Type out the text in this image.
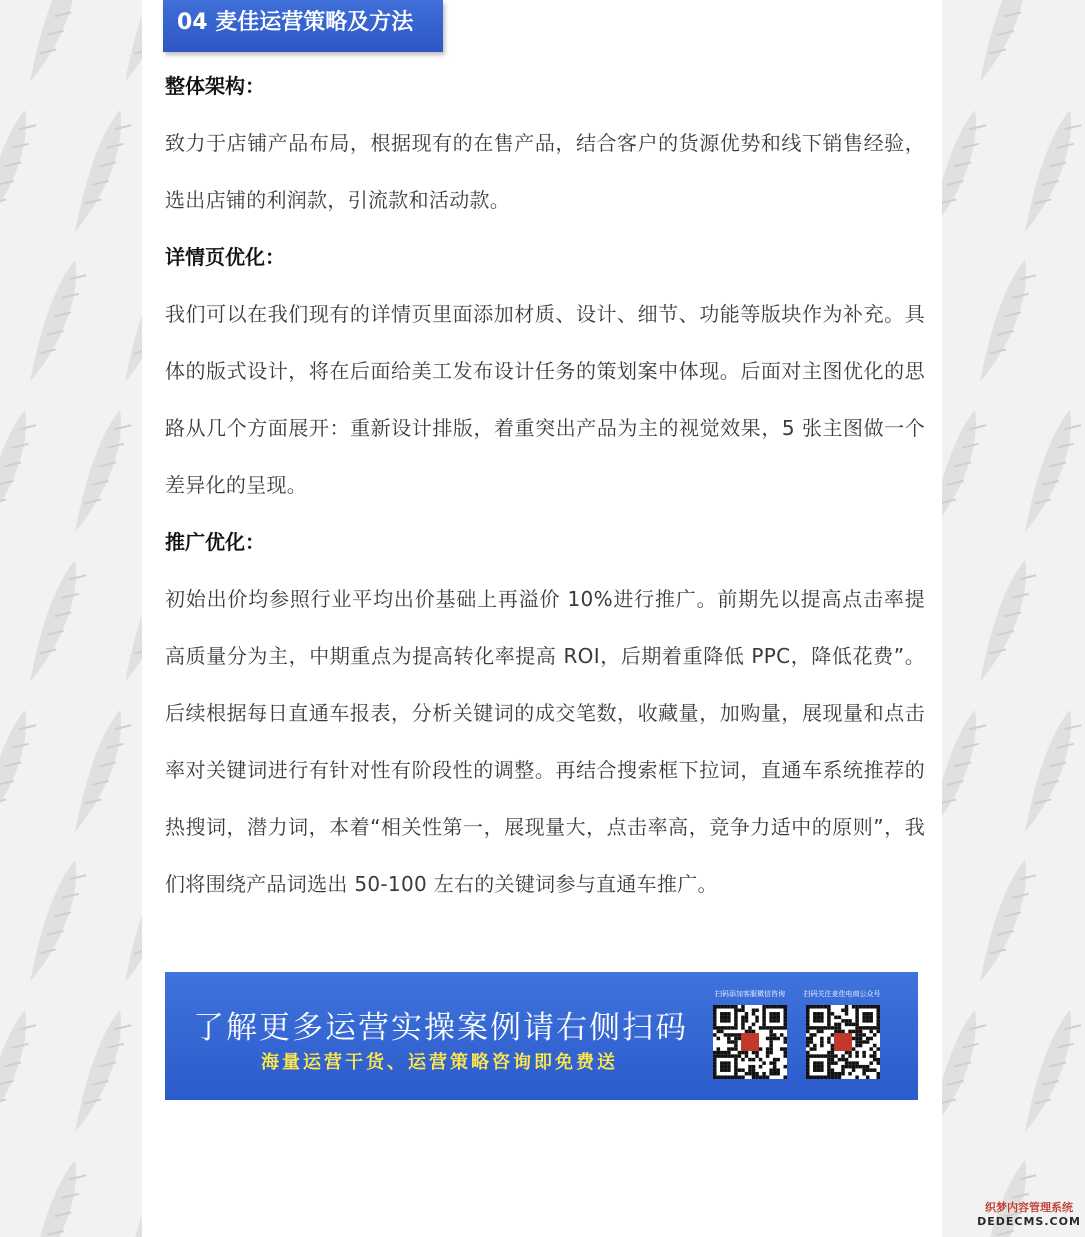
04 麦佳运营策略及方法

整体架构：

致力于店铺产品布局，根据现有的在售产品，结合客户的货源优势和线下销售经验，选出店铺的利润款，引流款和活动款。

详情页优化：

我们可以在我们现有的详情页里面添加材质、设计、细节、功能等版块作为补充。具体的版式设计，将在后面给美工发布设计任务的策划案中体现。后面对主图优化的思路从几个方面展开：重新设计排版，着重突出产品为主的视觉效果，5 张主图做一个差异化的呈现。

推广优化：

初始出价均参照行业平均出价基础上再溢价 10%进行推广。前期先以提高点击率提高质量分为主，中期重点为提高转化率提高 ROI，后期着重降低 PPC，降低花费”。后续根据每日直通车报表，分析关键词的成交笔数，收藏量，加购量，展现量和点击率对关键词进行有针对性有阶段性的调整。再结合搜索框下拉词，直通车系统推荐的热搜词，潜力词，本着“相关性第一，展现量大，点击率高，竞争力适中的原则”，我们将围绕产品词选出 50-100 左右的关键词参与直通车推广。

了解更多运营实操案例请右侧扫码
海量运营干货、运营策略咨询即免费送
扫码添加客服微信咨询	扫码关注麦佳电商公众号
织梦内容管理系统
DEDECMS.COM
